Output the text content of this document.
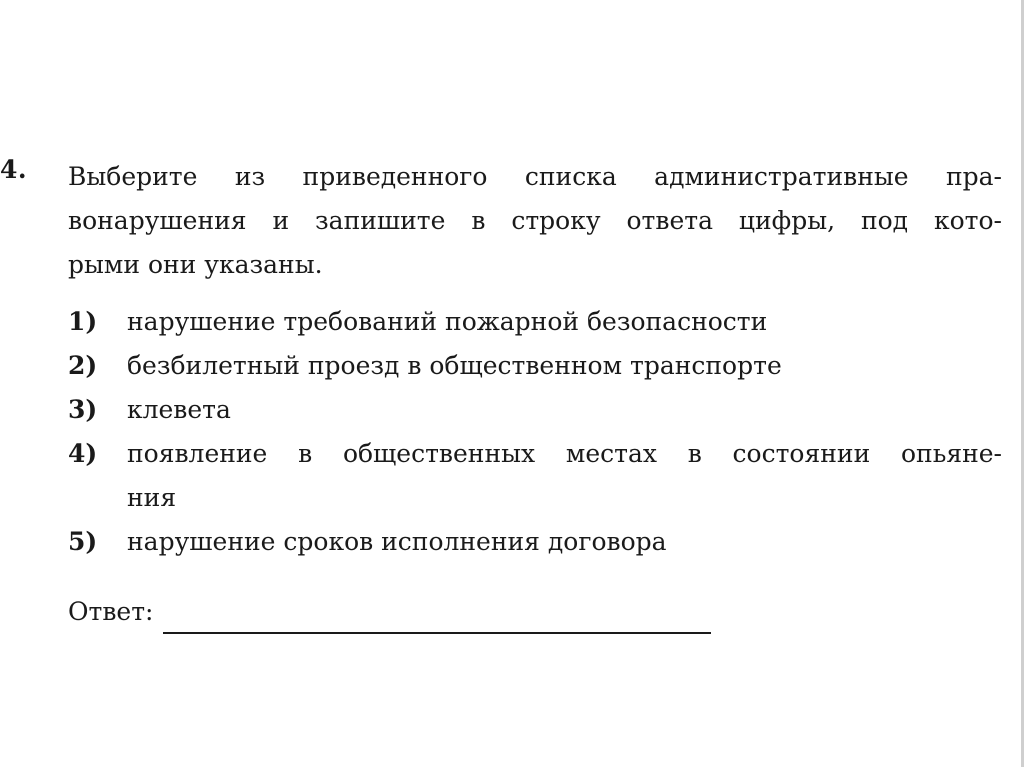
4. Выберите из приведенного списка административные пра-
вонарушения и запишите в строку ответа цифры, под кото-
рыми они указаны.
1)	нарушение требований пожарной безопасности
2)	безбилетный проезд в общественном транспорте
3)	клевета
4)	появление в общественных местах в состоянии опьяне-
ния
5)	нарушение сроков исполнения договора
Ответ:
